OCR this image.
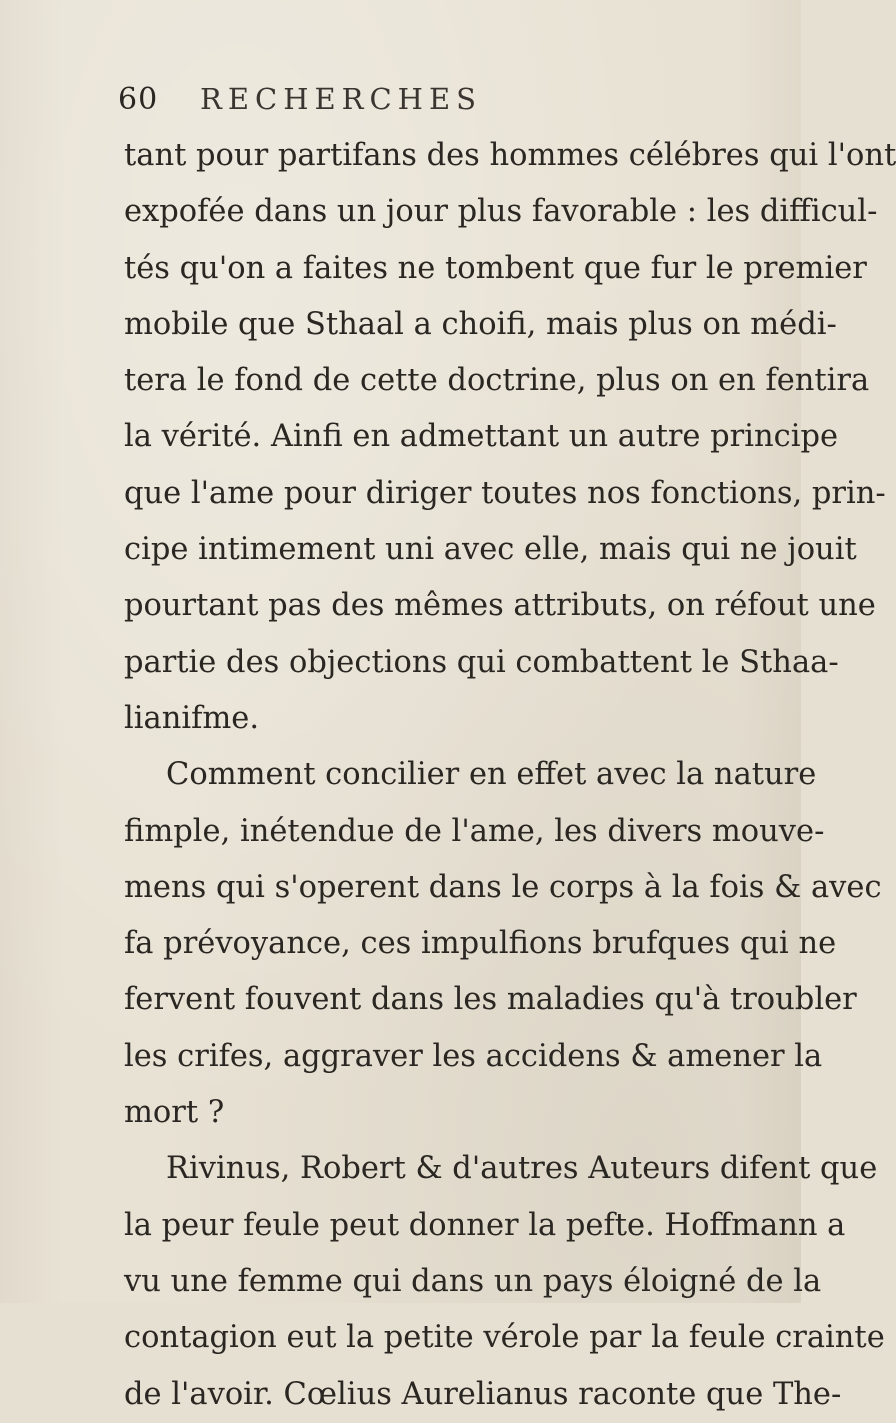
60 RECHERCHES
tant pour partifans des hommes célébres qui l'ont
expofée dans un jour plus favorable : les difficul-
tés qu'on a faites ne tombent que fur le premier
mobile que Sthaal a choifi, mais plus on médi-
tera le fond de cette doctrine, plus on en fentira
la vérité. Ainfi en admettant un autre principe
que l'ame pour diriger toutes nos fonctions, prin-
cipe intimement uni avec elle, mais qui ne jouit
pourtant pas des mêmes attributs, on réfout une
partie des objections qui combattent le Sthaa-
lianifme.
Comment concilier en effet avec la nature
fimple, inétendue de l'ame, les divers mouve-
mens qui s'operent dans le corps à la fois & avec
fa prévoyance, ces impulfions brufques qui ne
fervent fouvent dans les maladies qu'à troubler
les crifes, aggraver les accidens & amener la
mort ?
Rivinus, Robert & d'autres Auteurs difent que
la peur feule peut donner la pefte. Hoffmann a
vu une femme qui dans un pays éloigné de la
contagion eut la petite vérole par la feule crainte
de l'avoir. Cœlius Aurelianus raconte que The-
